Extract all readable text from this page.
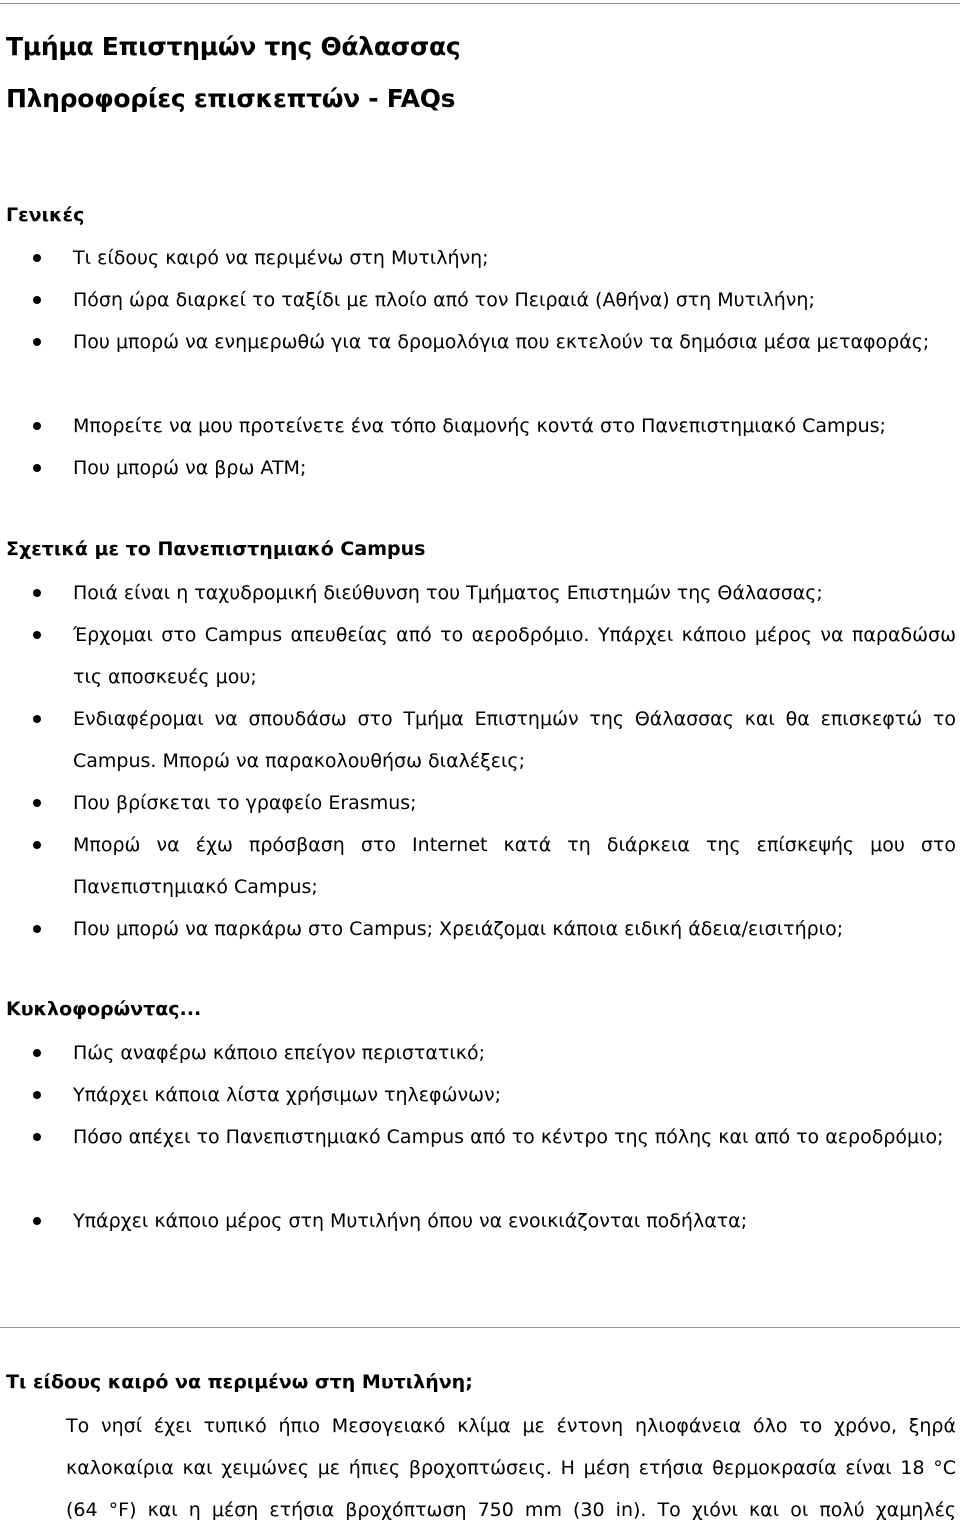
Τμήμα Επιστημών της Θάλασσας
Πληροφορίες επισκεπτών - FAQs
Γενικές
Τι είδους καιρό να περιμένω στη Μυτιλήνη;
Πόση ώρα διαρκεί το ταξίδι με πλοίο από τον Πειραιά (Αθήνα) στη Μυτιλήνη;
Που μπορώ να ενημερωθώ για τα δρομολόγια που εκτελούν τα δημόσια μέσα μεταφοράς;
Μπορείτε να μου προτείνετε ένα τόπο διαμονής κοντά στο Πανεπιστημιακό Campus;
Που μπορώ να βρω ATM;
Σχετικά με το Πανεπιστημιακό Campus
Ποιά είναι η ταχυδρομική διεύθυνση του Τμήματος Επιστημών της Θάλασσας;
Έρχομαι στο Campus απευθείας από το αεροδρόμιο. Υπάρχει κάποιο μέρος να παραδώσω τις αποσκευές μου;
Ενδιαφέρομαι να σπουδάσω στο Τμήμα Επιστημών της Θάλασσας και θα επισκεφτώ το Campus. Μπορώ να παρακολουθήσω διαλέξεις;
Που βρίσκεται το γραφείο Erasmus;
Μπορώ να έχω πρόσβαση στο Internet κατά τη διάρκεια της επίσκεψής μου στο Πανεπιστημιακό Campus;
Που μπορώ να παρκάρω στο Campus; Χρειάζομαι κάποια ειδική άδεια/εισιτήριο;
Κυκλοφορώντας...
Πώς αναφέρω κάποιο επείγον περιστατικό;
Υπάρχει κάποια λίστα χρήσιμων τηλεφώνων;
Πόσο απέχει το Πανεπιστημιακό Campus από το κέντρο της πόλης και από το αεροδρόμιο;
Υπάρχει κάποιο μέρος στη Μυτιλήνη όπου να ενοικιάζονται ποδήλατα;
Τι είδους καιρό να περιμένω στη Μυτιλήνη;

Το νησί έχει τυπικό ήπιο Μεσογειακό κλίμα με έντονη ηλιοφάνεια όλο το χρόνο, ξηρά καλοκαίρια και χειμώνες με ήπιες βροχοπτώσεις. Η μέση ετήσια θερμοκρασία είναι 18 °C (64 °F) και η μέση ετήσια βροχόπτωση 750 mm (30 in). Το χιόνι και οι πολύ χαμηλές
